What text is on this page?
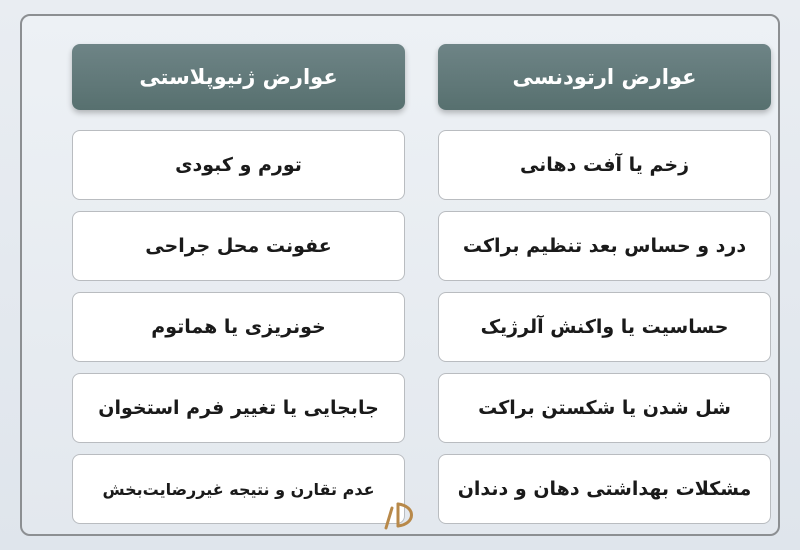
عوارض ارتودنسی
زخم یا آفت دهانی
درد و حساس بعد تنظیم براکت
حساسیت یا واکنش آلرژیک
شل شدن یا شکستن براکت
مشکلات بهداشتی دهان و دندان
عوارض ژنیوپلاستی
تورم و کبودی
عفونت محل جراحی
خونریزی یا هماتوم
جابجایی یا تغییر فرم استخوان
عدم تقارن و نتیجه غیررضایت‌بخش
